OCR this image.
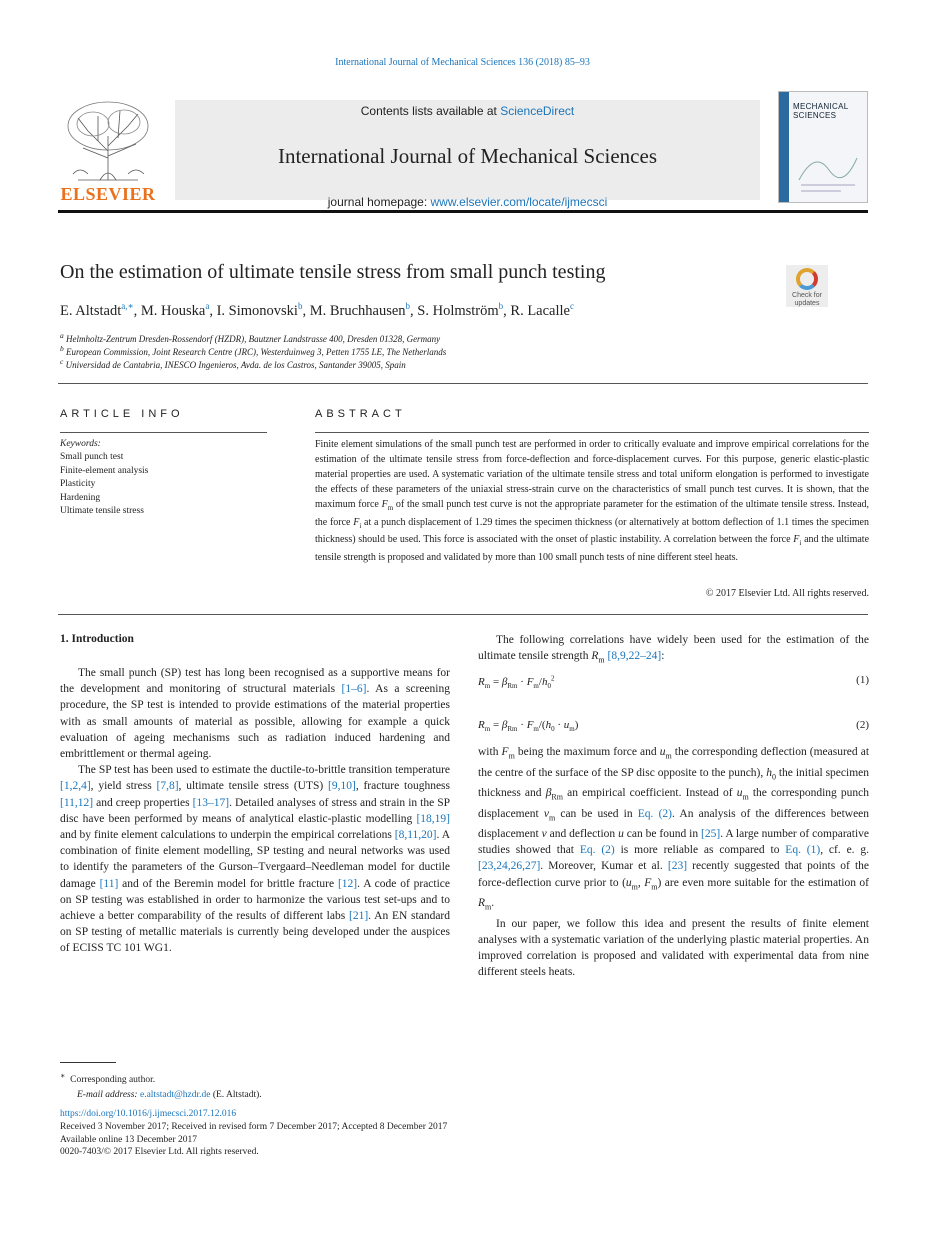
International Journal of Mechanical Sciences 136 (2018) 85–93
ELSEVIER
Contents lists available at ScienceDirect
International Journal of Mechanical Sciences
journal homepage: www.elsevier.com/locate/ijmecsci
MECHANICAL SCIENCES
On the estimation of ultimate tensile stress from small punch testing
Check for
updates
E. Altstadt$^{a,∗}$, M. Houska$^a$, I. Simonovski$^b$, M. Bruchhausen$^b$, S. Holmström$^b$, R. Lacalle$^c$
$^a$ Helmholtz-Zentrum Dresden-Rossendorf (HZDR), Bautzner Landstrasse 400, Dresden 01328, Germany
$^b$ European Commission, Joint Research Centre (JRC), Westerduinweg 3, Petten 1755 LE, The Netherlands
$^c$ Universidad de Cantabria, INESCO Ingenieros, Avda. de los Castros, Santander 39005, Spain
ARTICLE INFO	ABSTRACT
Keywords:
Small punch test
Finite-element analysis
Plasticity
Hardening
Ultimate tensile stress
Finite element simulations of the small punch test are performed in order to critically evaluate and improve empirical correlations for the estimation of the ultimate tensile stress from force-deflection and force-displacement curves. For this purpose, generic elastic-plastic material properties are used. A systematic variation of the ultimate tensile stress and total uniform elongation is performed to investigate the effects of these parameters of the uniaxial stress-strain curve on the characteristics of small punch test curves. It is shown, that the maximum force $F_m$ of the small punch test curve is not the appropriate parameter for the estimation of the ultimate tensile stress. Instead, the force $F_i$ at a punch displacement of 1.29 times the specimen thickness (or alternatively at bottom deflection of 1.1 times the specimen thickness) should be used. This force is associated with the onset of plastic instability. A correlation between the force $F_i$ and the ultimate tensile strength is proposed and validated by more than 100 small punch tests of nine different steel heats.
© 2017 Elsevier Ltd. All rights reserved.
1. Introduction

The small punch (SP) test has long been recognised as a supportive means for the development and monitoring of structural materials [1–6]. As a screening procedure, the SP test is intended to provide estimations of the material properties with as small amounts of material as possible, allowing for example a quick evaluation of ageing mechanisms such as radiation induced hardening and embrittlement or thermal ageing.

The SP test has been used to estimate the ductile-to-brittle transition temperature [1,2,4], yield stress [7,8], ultimate tensile stress (UTS) [9,10], fracture toughness [11,12] and creep properties [13–17]. Detailed analyses of stress and strain in the SP disc have been performed by means of analytical elastic-plastic modelling [18,19] and by finite element calculations to underpin the empirical correlations [8,11,20]. A combination of finite element modelling, SP testing and neural networks was used to identify the parameters of the Gurson–Tvergaard–Needleman model for ductile damage [11] and of the Beremin model for brittle fracture [12]. A code of practice on SP testing was established in order to harmonize the various test set-ups and to achieve a better comparability of the results of different labs [21]. An EN standard on SP testing of metallic materials is currently being developed under the auspices of ECISS TC 101 WG1.

The following correlations have widely been used for the estimation of the ultimate tensile strength $R_m$ [8,9,22–24]:

$R_m = \beta_{Rm} \cdot F_m/h_0^2$	(1)
$R_m = \beta_{Rm} \cdot F_m/(h_0 \cdot u_m)$	(2)

with $F_m$ being the maximum force and $u_m$ the corresponding deflection (measured at the centre of the surface of the SP disc opposite to the punch), $h_0$ the initial specimen thickness and $\beta_{Rm}$ an empirical coefficient. Instead of $u_m$ the corresponding punch displacement $v_m$ can be used in Eq. (2). An analysis of the differences between displacement v and deflection u can be found in [25]. A large number of comparative studies showed that Eq. (2) is more reliable as compared to Eq. (1), cf. e. g. [23,24,26,27]. Moreover, Kumar et al. [23] recently suggested that points of the force-deflection curve prior to ($u_m$, $F_m$) are even more suitable for the estimation of $R_m$.

In our paper, we follow this idea and present the results of finite element analyses with a systematic variation of the underlying plastic material properties. An improved correlation is proposed and validated with experimental data from nine different steels heats.

∗ Corresponding author.
E-mail address: e.altstadt@hzdr.de (E. Altstadt).
https://doi.org/10.1016/j.ijmecsci.2017.12.016
Received 3 November 2017; Received in revised form 7 December 2017; Accepted 8 December 2017
Available online 13 December 2017
0020-7403/© 2017 Elsevier Ltd. All rights reserved.
